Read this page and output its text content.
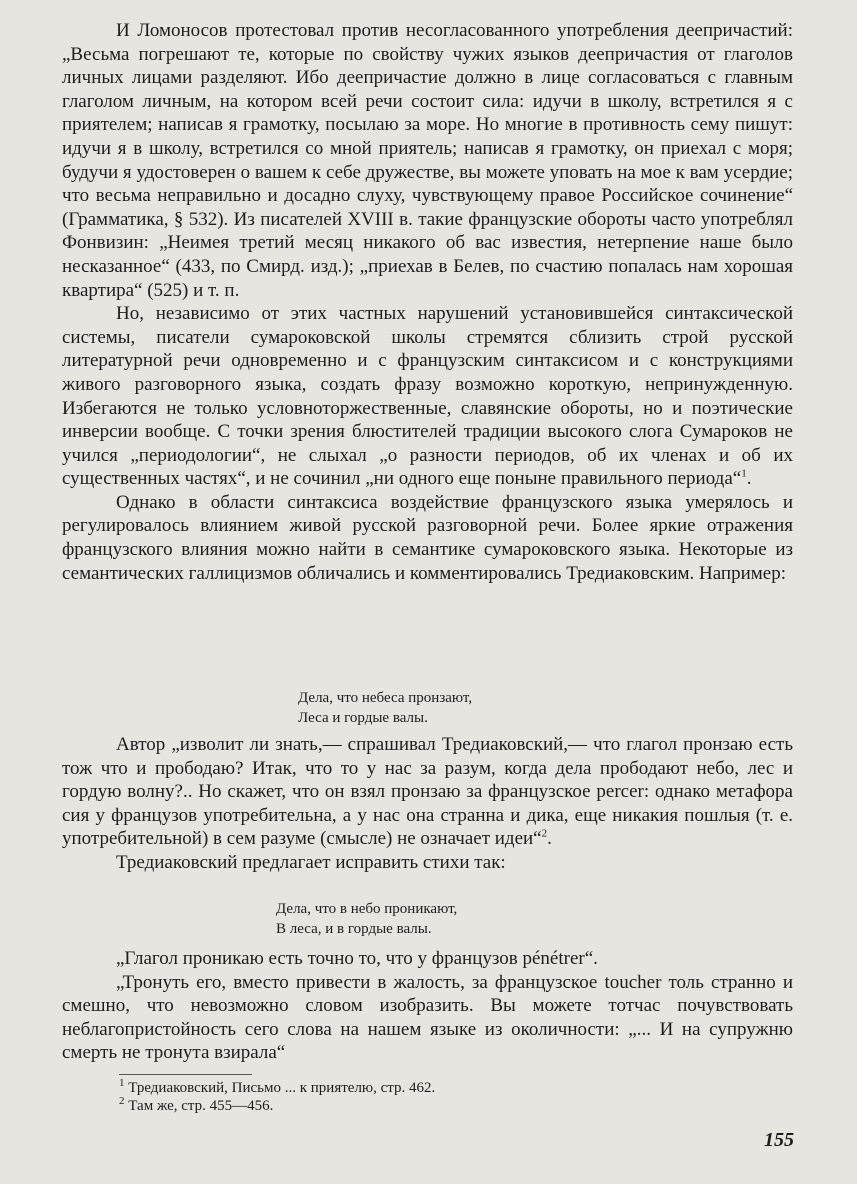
И Ломоносов протестовал против несогласованного употребления деепричастий: „Весьма погрешают те, которые по свойству чужих языков деепричастия от глаголов личных лицами разделяют. Ибо деепричастие должно в лице согласоваться с главным глаголом личным, на котором всей речи состоит сила: идучи в школу, встретился я с приятелем; написав я грамотку, посылаю за море. Но многие в противность сему пишут: идучи я в школу, встретился со мной приятель; написав я грамотку, он приехал с моря; будучи я удостоверен о вашем к себе дружестве, вы можете уповать на мое к вам усердие; что весьма неправильно и досадно слуху, чувствующему правое Российское сочинение“ (Грамматика, § 532). Из писателей XVIII в. такие французские обороты часто употреблял Фонвизин: „Неимея третий месяц никакого об вас известия, нетерпение наше было несказанное“ (433, по Смирд. изд.); „приехав в Белев, по счастию попалась нам хорошая квартира“ (525) и т. п.

Но, независимо от этих частных нарушений установившейся синтаксической системы, писатели сумароковской школы стремятся сблизить строй русской литературной речи одновременно и с французским синтаксисом и с конструкциями живого разговорного языка, создать фразу возможно короткую, непринужденную. Избегаются не только условноторжественные, славянские обороты, но и поэтические инверсии вообще. С точки зрения блюстителей традиции высокого слога Сумароков не учился „периодологии“, не слыхал „о разности периодов, об их членах и об их существенных частях“, и не сочинил „ни одного еще поныне правильного периода“$^1$.

Однако в области синтаксиса воздействие французского языка умерялось и регулировалось влиянием живой русской разговорной речи. Более яркие отражения французского влияния можно найти в семантике сумароковского языка. Некоторые из семантических галлицизмов обличались и комментировались Тредиаковским. Например:

Дела, что небеса пронзают,
Леса и гордые валы.

Автор „изволит ли знать,— спрашивал Тредиаковский,— что глагол пронзаю есть тож что и прободаю? Итак, что то у нас за разум, когда дела прободают небо, лес и гордую волну?.. Но скажет, что он взял пронзаю за французское percer: однако метафора сия у французов употребительна, а у нас она странна и дика, еще никакия пошлыя (т. е. употребительной) в сем разуме (смысле) не означает идеи“$^2$.

Тредиаковский предлагает исправить стихи так:

Дела, что в небо проникают,
В леса, и в гордые валы.

„Глагол проникаю есть точно то, что у французов pénétrer“.

„Тронуть его, вместо привести в жалость, за французское toucher толь странно и смешно, что невозможно словом изобразить. Вы можете тотчас почувствовать неблагопристойность сего слова на нашем языке из околичности: „... И на супружню смерть не тронута взирала“

$^1$ Тредиаковский, Письмо ... к приятелю, стр. 462.
$^2$ Там же, стр. 455—456.
155
